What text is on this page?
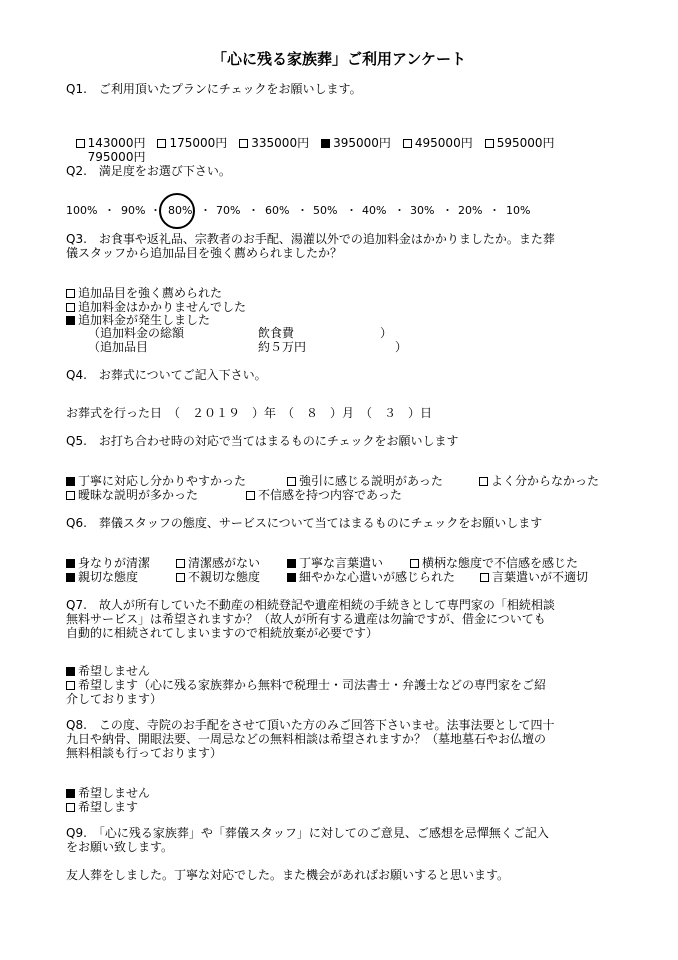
「心に残る家族葬」ご利用アンケート
Q1.　ご利用頂いたプランにチェックをお願いします。

143000円 175000円 335000円 395000円 495000円 595000円

795000円

Q2.　満足度をお選び下さい。
100% ・ 90% ・ 80% ・ 70% ・ 60% ・ 50% ・ 40% ・ 30% ・ 20% ・ 10%
Q3.　お食事や返礼品、宗教者のお手配、湯灌以外での追加料金はかかりましたか。また葬
儀スタッフから追加品目を強く薦められましたか？
追加品目を強く薦められた
追加料金はかかりませんでした
追加料金が発生しました
（追加料金の総額	飲食費	）
（追加品目	約５万円	）
Q4.　お葬式についてご記入下さい。
お葬式を行った日　（　２０１９　）年　（　８　）月　（　３　）日
Q5.　お打ち合わせ時の対応で当てはまるものにチェックをお願いします
丁寧に対応し分かりやすかった	強引に感じる説明があった	よく分からなかった
曖昧な説明が多かった	不信感を持つ内容であった
Q6.　葬儀スタッフの態度、サービスについて当てはまるものにチェックをお願いします
身なりが清潔	清潔感がない	丁寧な言葉遣い	横柄な態度で不信感を感じた
親切な態度	不親切な態度	細やかな心遣いが感じられた	言葉遣いが不適切
Q7.　故人が所有していた不動産の相続登記や遺産相続の手続きとして専門家の「相続相談
無料サービス」は希望されますか？（故人が所有する遺産は勿論ですが、借金についても
自動的に相続されてしまいますので相続放棄が必要です）
希望しません
希望します（心に残る家族葬から無料で税理士・司法書士・弁護士などの専門家をご紹
介しております）
Q8.　この度、寺院のお手配をさせて頂いた方のみご回答下さいませ。法事法要として四十
九日や納骨、開眼法要、一周忌などの無料相談は希望されますか？（墓地墓石やお仏壇の
無料相談も行っております）
希望しません
希望します
Q9.　「心に残る家族葬」や「葬儀スタッフ」に対してのご意見、ご感想を忌憚無くご記入
をお願い致します。
友人葬をしました。丁寧な対応でした。また機会があればお願いすると思います。
